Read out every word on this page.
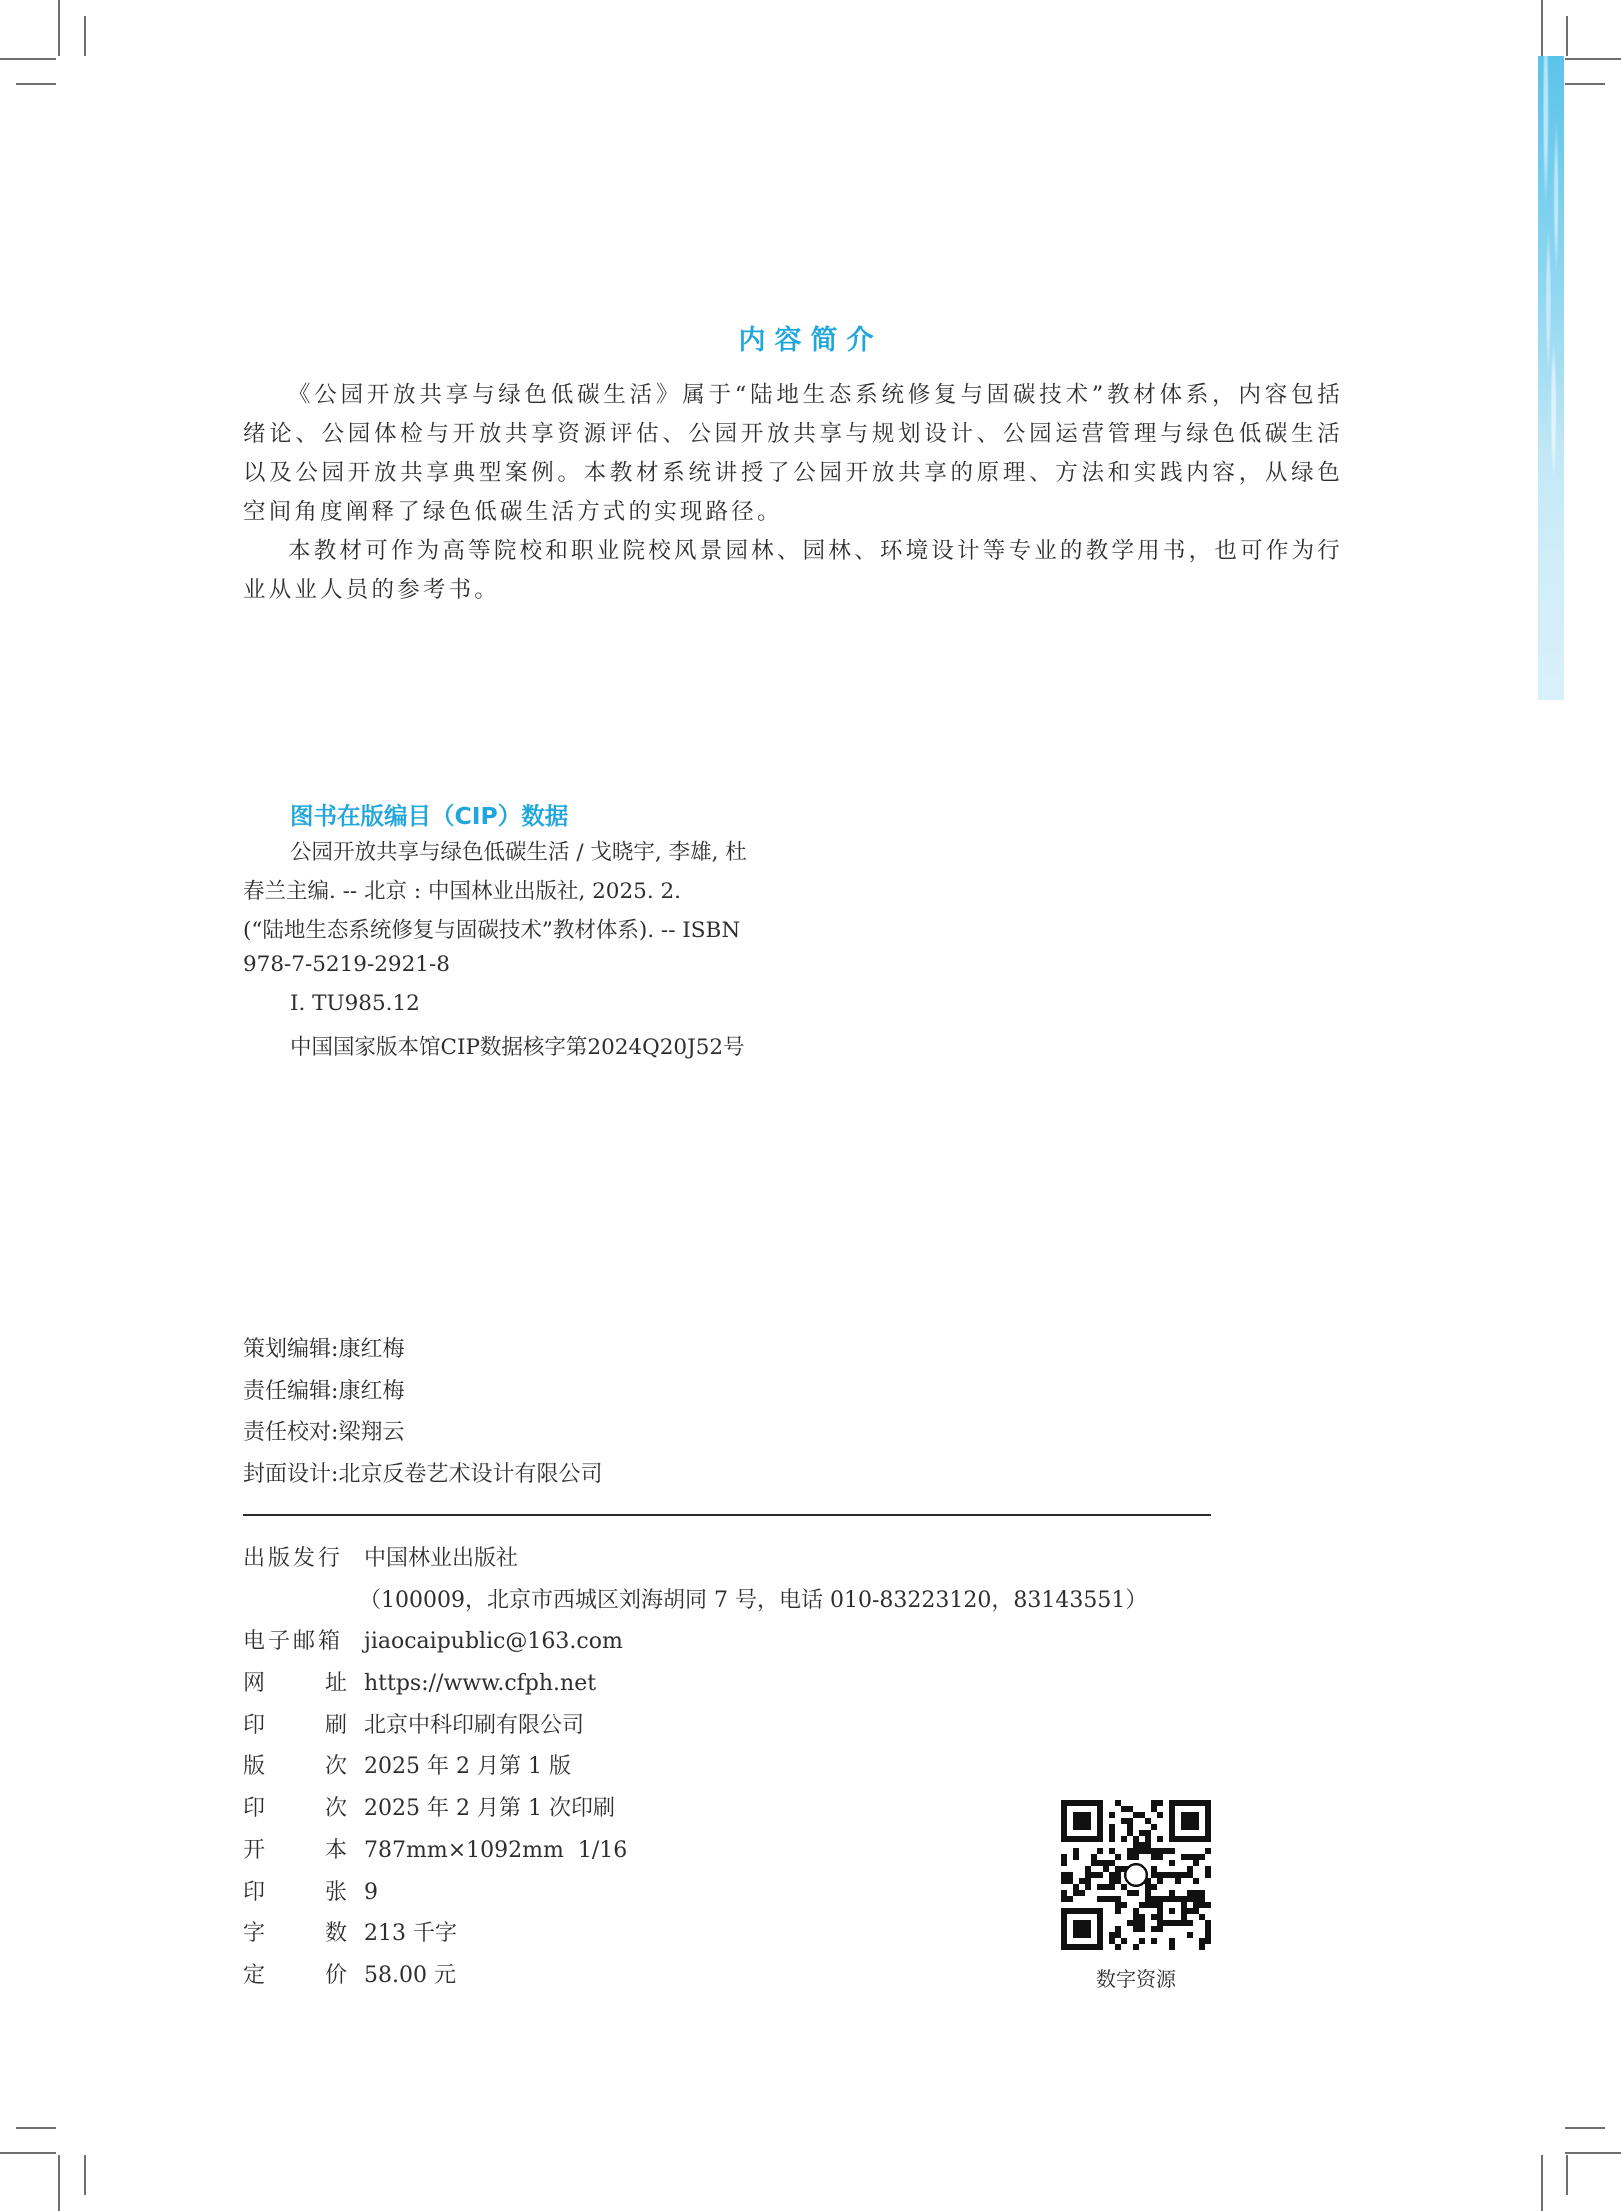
内容简介

《公园开放共享与绿色低碳生活》属于“陆地生态系统修复与固碳技术”教材体系，内容包括绪论、公园体检与开放共享资源评估、公园开放共享与规划设计、公园运营管理与绿色低碳生活以及公园开放共享典型案例。本教材系统讲授了公园开放共享的原理、方法和实践内容，从绿色空间角度阐释了绿色低碳生活方式的实现路径。

本教材可作为高等院校和职业院校风景园林、园林、环境设计等专业的教学用书，也可作为行业从业人员的参考书。

图书在版编目（CIP）数据

公园开放共享与绿色低碳生活 / 戈晓宇, 李雄, 杜

春兰主编. -- 北京 : 中国林业出版社, 2025. 2.

(“陆地生态系统修复与固碳技术”教材体系). -- ISBN

978-7-5219-2921-8

Ⅰ. TU985.12

中国国家版本馆CIP数据核字第2024Q20J52号

策划编辑:康红梅
责任编辑:康红梅
责任校对:梁翔云
封面设计:北京反卷艺术设计有限公司
出版发行 中国林业出版社
（100009，北京市西城区刘海胡同 7 号，电话 010-83223120，83143551）
电子邮箱 jiaocaipublic@163.com
网址 https://www.cfph.net
印刷 北京中科印刷有限公司
版次 2025 年 2 月第 1 版
印次 2025 年 2 月第 1 次印刷
开本 787mm×1092mm  1/16
印张 9
字数 213 千字
定价 58.00 元	数字资源
